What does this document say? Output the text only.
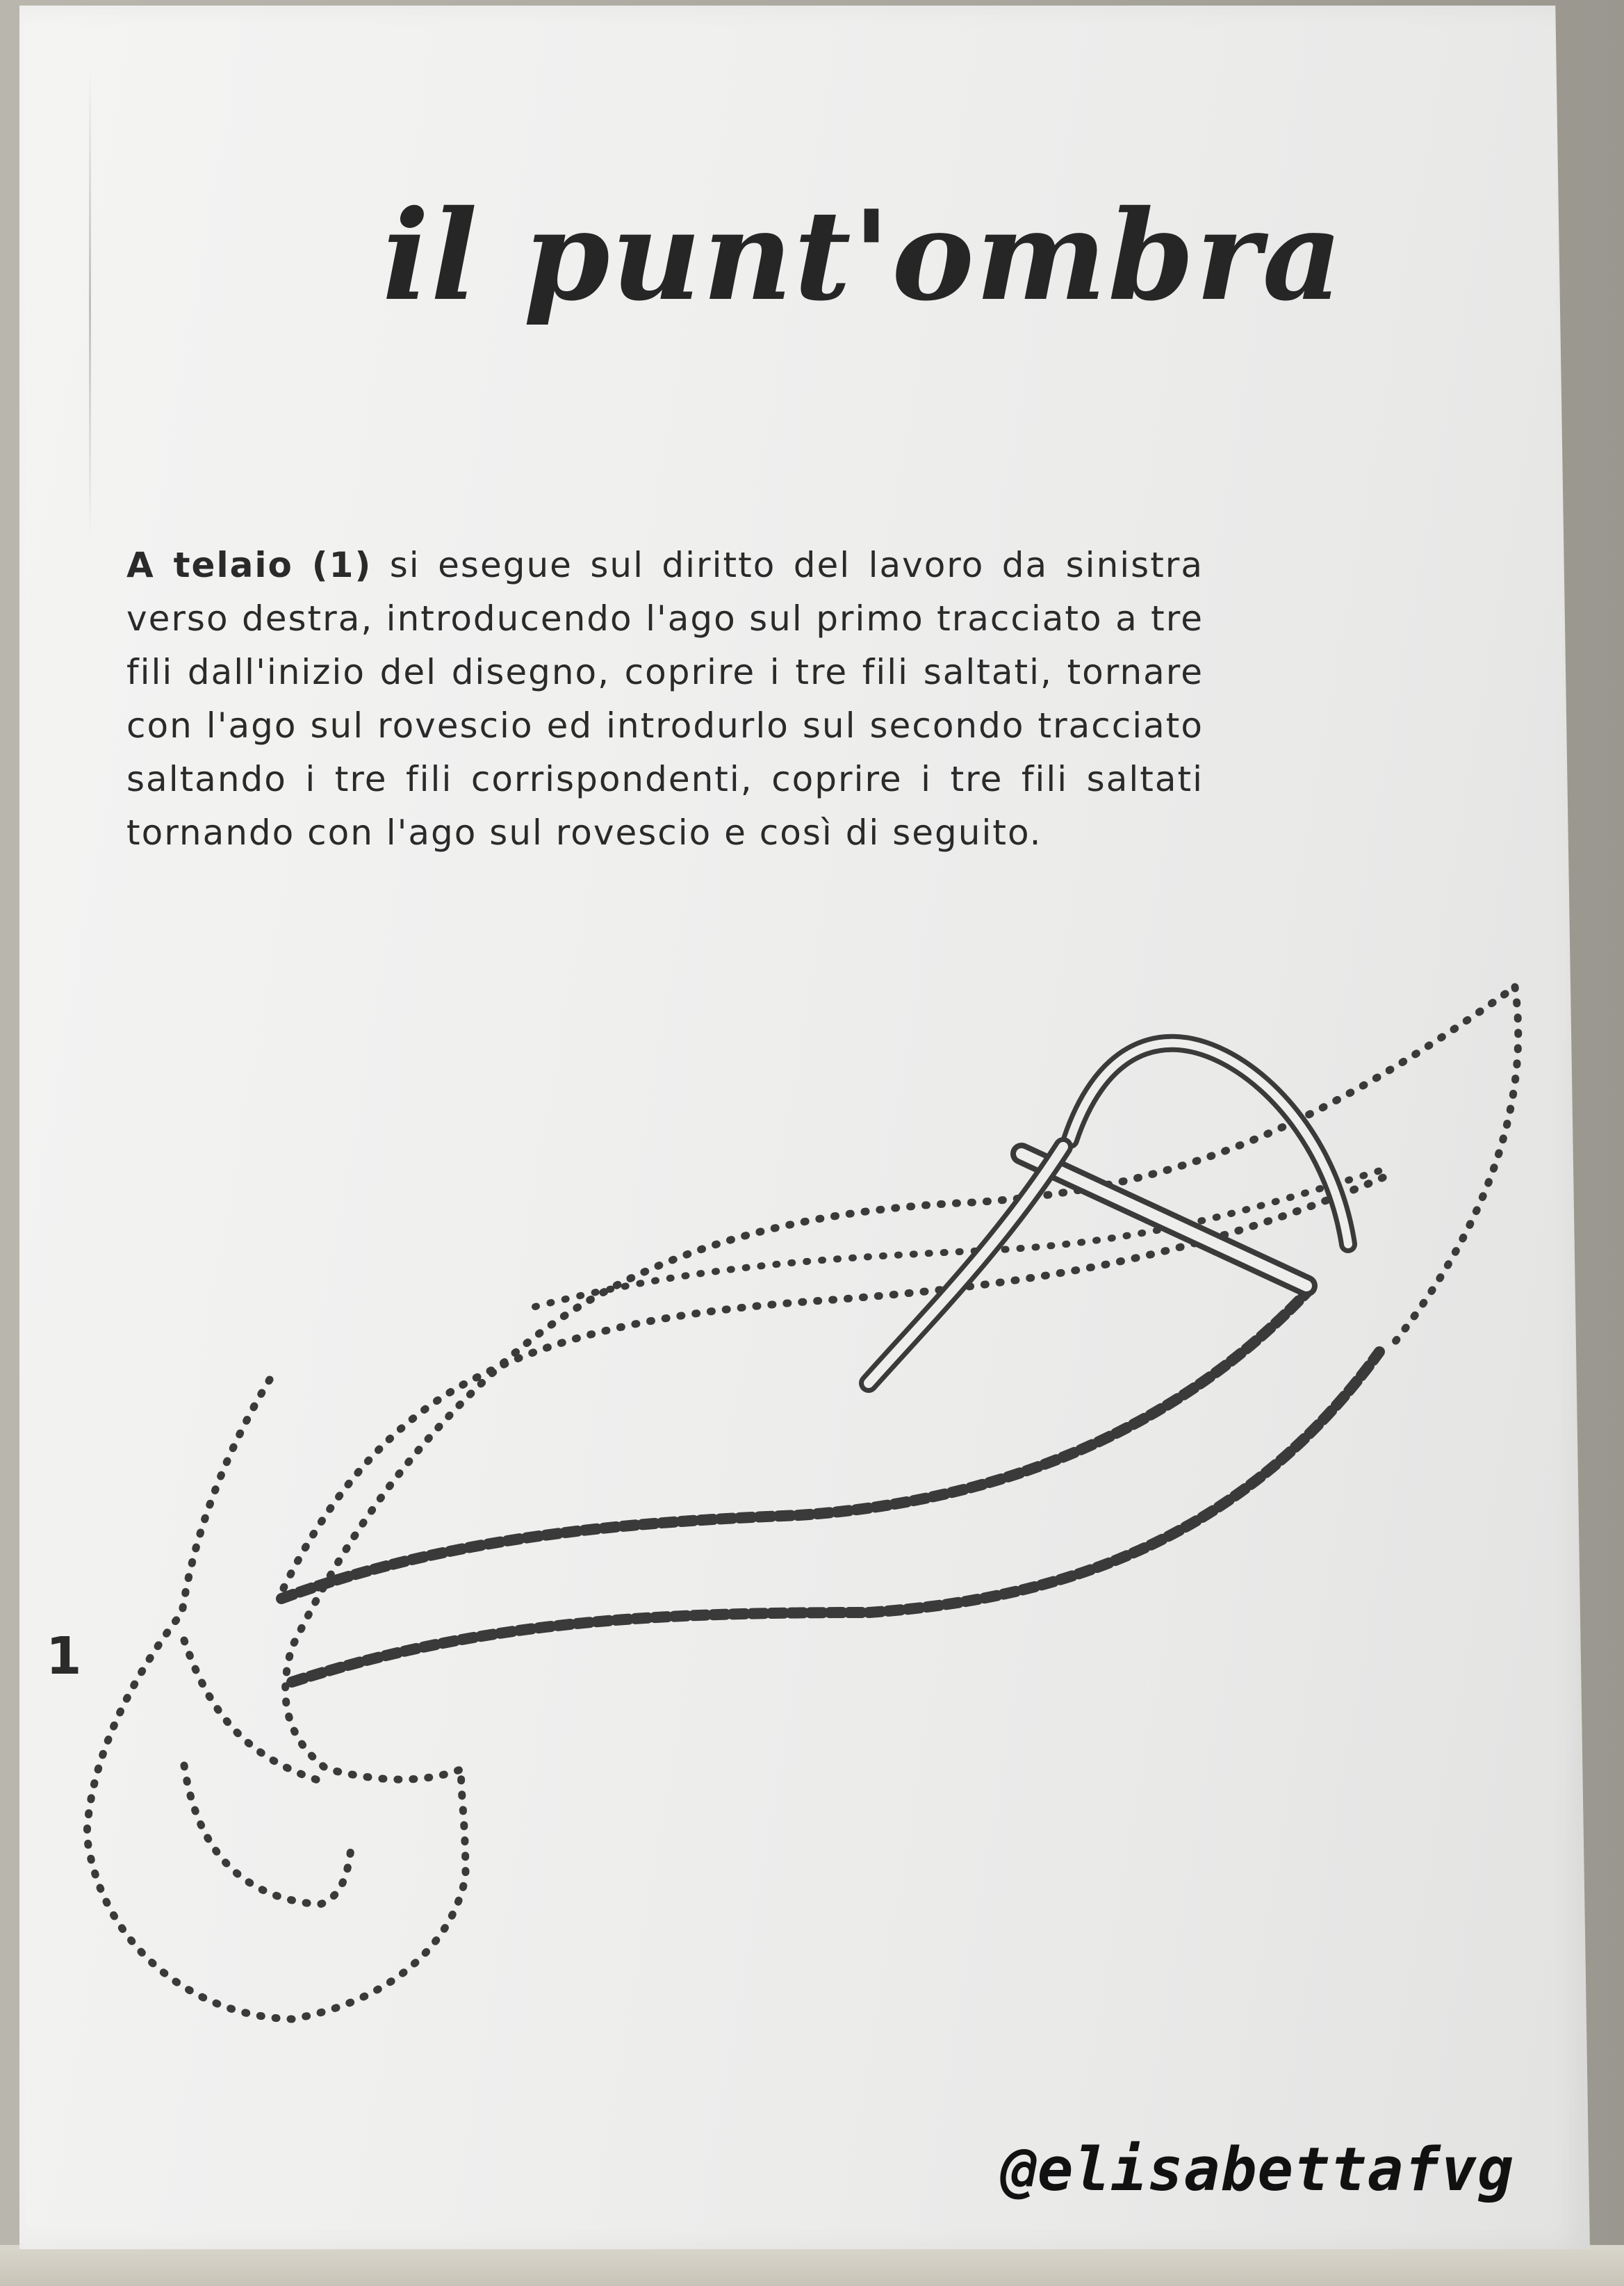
il punt'ombra

A telaio (1) si esegue sul diritto del lavoro da sinistra verso destra, introducendo l'ago sul primo tracciato a tre fili dall'inizio del disegno, coprire i tre fili saltati, tornare con l'ago sul rovescio ed introdurlo sul secondo tracciato saltando i tre fili corrispondenti, coprire i tre fili saltati tornando con l'ago sul rovescio e così di seguito.

1
@elisabettafvg
